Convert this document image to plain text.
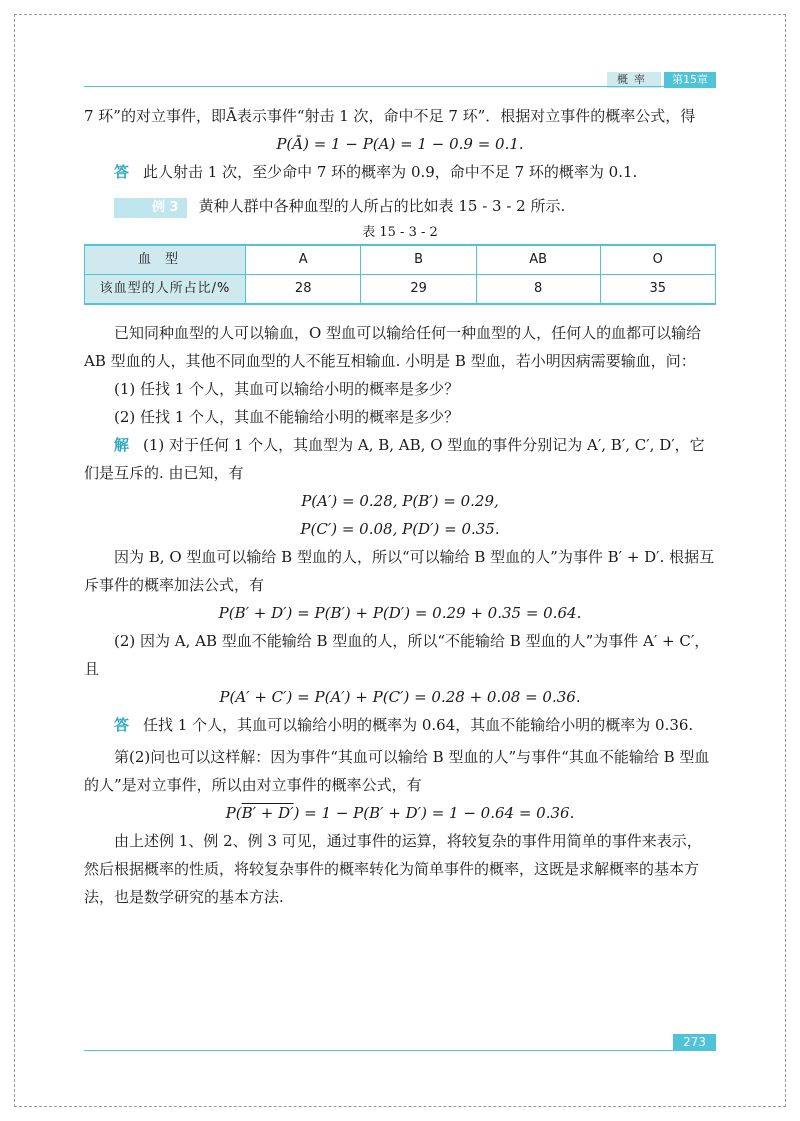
概率	第15章

7 环”的对立事件，即Ā表示事件“射击 1 次，命中不足 7 环”．根据对立事件的概率公式，得

P(Ā) = 1 − P(A) = 1 − 0.9 = 0.1.

答 此人射击 1 次，至少命中 7 环的概率为 0.9，命中不足 7 环的概率为 0.1.

例 3 黄种人群中各种血型的人所占的比如表 15 - 3 - 2 所示.

表 15 - 3 - 2
血型	A	B	AB	O
该血型的人所占比/%	28	29	8	35

已知同种血型的人可以输血，O 型血可以输给任何一种血型的人，任何人的血都可以输给 AB 型血的人，其他不同血型的人不能互相输血. 小明是 B 型血，若小明因病需要输血，问：

(1) 任找 1 个人，其血可以输给小明的概率是多少？

(2) 任找 1 个人，其血不能输给小明的概率是多少？

解 (1) 对于任何 1 个人，其血型为 A, B, AB, O 型血的事件分别记为 A′, B′, C′, D′，它们是互斥的. 由已知，有

P(A′) = 0.28, P(B′) = 0.29,

P(C′) = 0.08, P(D′) = 0.35.

因为 B, O 型血可以输给 B 型血的人，所以“可以输给 B 型血的人”为事件 B′ + D′. 根据互斥事件的概率加法公式，有

P(B′ + D′) = P(B′) + P(D′) = 0.29 + 0.35 = 0.64.

(2) 因为 A, AB 型血不能输给 B 型血的人，所以“不能输给 B 型血的人”为事件 A′ + C′，且

P(A′ + C′) = P(A′) + P(C′) = 0.28 + 0.08 = 0.36.

答 任找 1 个人，其血可以输给小明的概率为 0.64，其血不能输给小明的概率为 0.36.

第(2)问也可以这样解：因为事件“其血可以输给 B 型血的人”与事件“其血不能输给 B 型血的人”是对立事件，所以由对立事件的概率公式，有

P(B′ + D′) = 1 − P(B′ + D′) = 1 − 0.64 = 0.36.

由上述例 1、例 2、例 3 可见，通过事件的运算，将较复杂的事件用简单的事件来表示，然后根据概率的性质，将较复杂事件的概率转化为简单事件的概率，这既是求解概率的基本方法，也是数学研究的基本方法.

273
